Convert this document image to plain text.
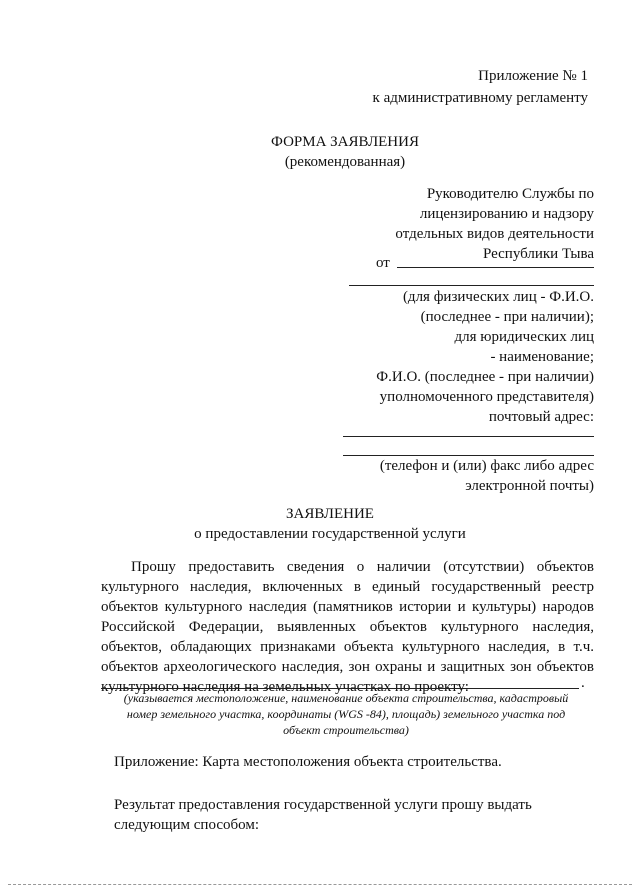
Приложение № 1
к административному регламенту
ФОРМА ЗАЯВЛЕНИЯ
(рекомендованная)
Руководителю Службы по
лицензированию и надзору
отдельных видов деятельности
Республики Тыва
от
(для физических лиц - Ф.И.О.
(последнее - при наличии);
для юридических лиц
- наименование;
Ф.И.О. (последнее - при наличии)
уполномоченного представителя)
почтовый адрес:
(телефон и (или) факс либо адрес
электронной почты)
ЗАЯВЛЕНИЕ
о предоставлении государственной услуги
Прошу предоставить сведения о наличии (отсутствии) объектов
культурного наследия, включенных в единый государственный реестр
объектов культурного наследия (памятников истории и культуры) народов
Российской Федерации, выявленных объектов культурного наследия,
объектов, обладающих признаками объекта культурного наследия, в т.ч.
объектов археологического наследия, зон охраны и защитных зон объектов
культурного наследия на земельных участках по проекту:	.
(указывается местоположение, наименование объекта строительства, кадастровый
номер земельного участка, координаты (WGS -84), площадь) земельного участка под
объект строительства)
Приложение: Карта местоположения объекта строительства.
Результат предоставления государственной услуги прошу выдать
следующим способом:
